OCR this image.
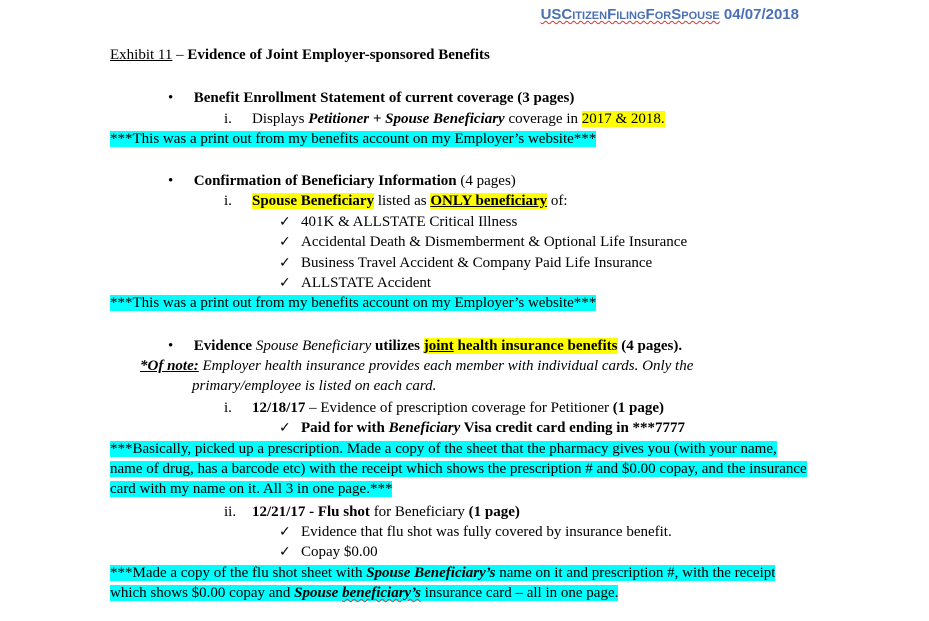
USCitizenFilingForSpouse 04/07/2018
Exhibit 11 – Evidence of Joint Employer-sponsored Benefits
• Benefit Enrollment Statement of current coverage (3 pages)
i. Displays Petitioner + Spouse Beneficiary coverage in 2017 & 2018.
***This was a print out from my benefits account on my Employer’s website***
• Confirmation of Beneficiary Information (4 pages)
i. Spouse Beneficiary listed as ONLY beneficiary of:
✓ 401K & ALLSTATE Critical Illness
✓ Accidental Death & Dismemberment & Optional Life Insurance
✓ Business Travel Accident & Company Paid Life Insurance
✓ ALLSTATE Accident
***This was a print out from my benefits account on my Employer’s website***
• Evidence Spouse Beneficiary utilizes joint health insurance benefits (4 pages).
*Of note: Employer health insurance provides each member with individual cards. Only the
primary/employee is listed on each card.
i. 12/18/17 – Evidence of prescription coverage for Petitioner (1 page)
✓ Paid for with Beneficiary Visa credit card ending in ***7777
***Basically, picked up a prescription. Made a copy of the sheet that the pharmacy gives you (with your name, name of drug, has a barcode etc) with the receipt which shows the prescription # and $0.00 copay, and the insurance card with my name on it. All 3 in one page.***
ii. 12/21/17 - Flu shot for Beneficiary (1 page)
✓ Evidence that flu shot was fully covered by insurance benefit.
✓ Copay $0.00
***Made a copy of the flu shot sheet with Spouse Beneficiary’s name on it and prescription #, with the receipt which shows $0.00 copay and Spouse beneficiary’s insurance card – all in one page.
